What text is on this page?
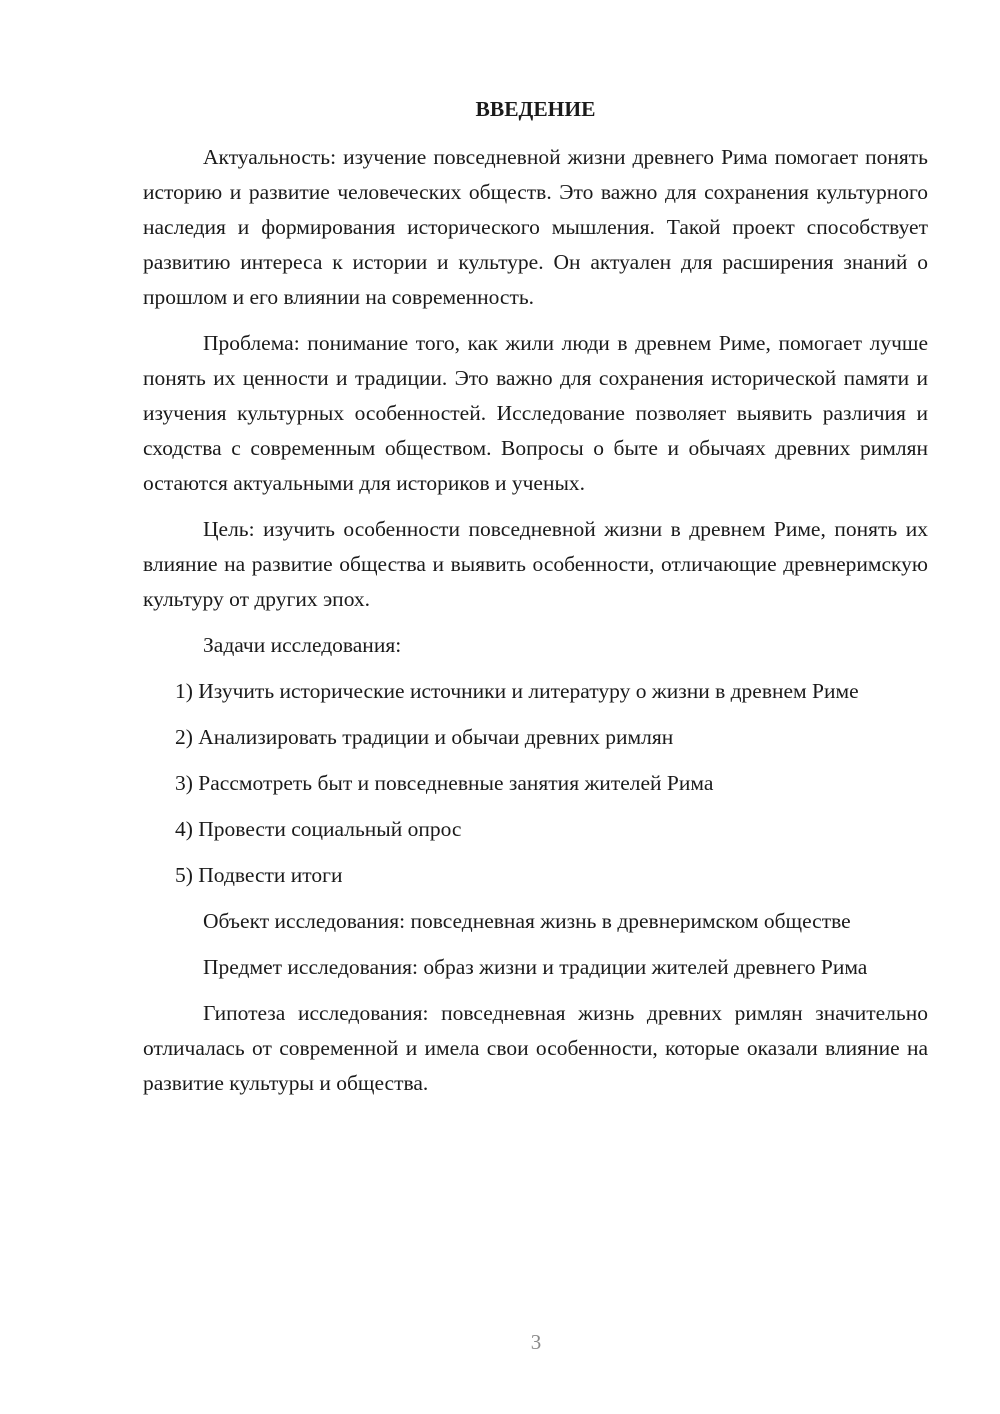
ВВЕДЕНИЕ

Актуальность: изучение повседневной жизни древнего Рима помогает понять историю и развитие человеческих обществ. Это важно для сохранения культурного наследия и формирования исторического мышления. Такой проект способствует развитию интереса к истории и культуре. Он актуален для расширения знаний о прошлом и его влиянии на современность.

Проблема: понимание того, как жили люди в древнем Риме, помогает лучше понять их ценности и традиции. Это важно для сохранения исторической памяти и изучения культурных особенностей. Исследование позволяет выявить различия и сходства с современным обществом. Вопросы о быте и обычаях древних римлян остаются актуальными для историков и ученых.

Цель: изучить особенности повседневной жизни в древнем Риме, понять их влияние на развитие общества и выявить особенности, отличающие древнеримскую культуру от других эпох.

Задачи исследования:

1) Изучить исторические источники и литературу о жизни в древнем Риме

2) Анализировать традиции и обычаи древних римлян

3) Рассмотреть быт и повседневные занятия жителей Рима

4) Провести социальный опрос

5) Подвести итоги

Объект исследования: повседневная жизнь в древнеримском обществе

Предмет исследования: образ жизни и традиции жителей древнего Рима

Гипотеза исследования: повседневная жизнь древних римлян значительно отличалась от современной и имела свои особенности, которые оказали влияние на развитие культуры и общества.

3
